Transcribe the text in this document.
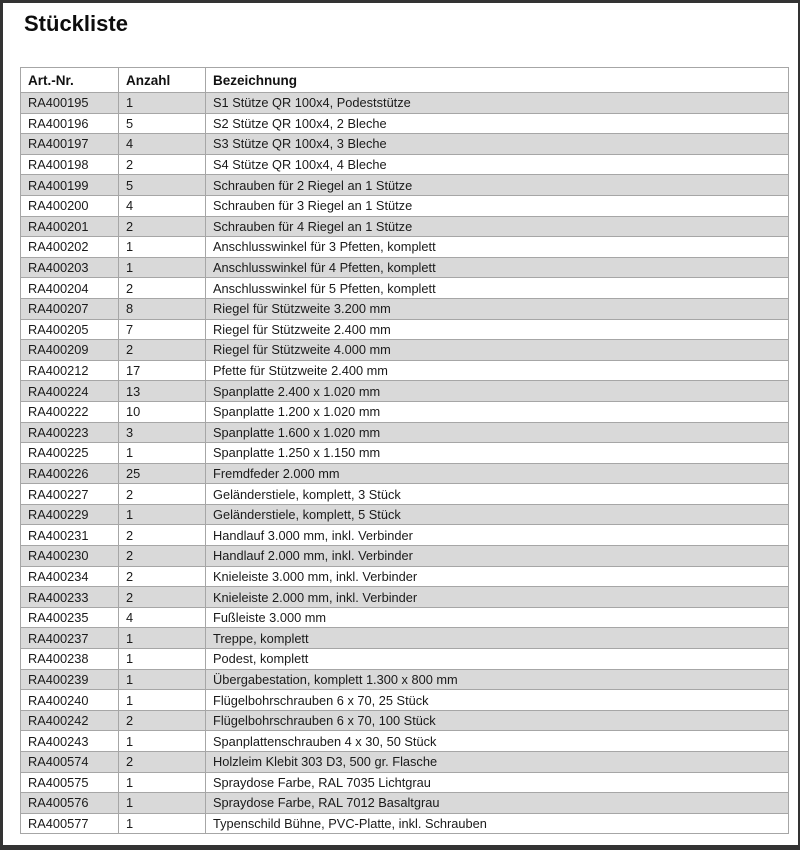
Stückliste
Art.-Nr.	Anzahl	Bezeichnung
RA400195	1	S1 Stütze QR 100x4, Podeststütze
RA400196	5	S2 Stütze QR 100x4, 2 Bleche
RA400197	4	S3 Stütze QR 100x4, 3 Bleche
RA400198	2	S4 Stütze QR 100x4, 4 Bleche
RA400199	5	Schrauben für 2 Riegel an 1 Stütze
RA400200	4	Schrauben für 3 Riegel an 1 Stütze
RA400201	2	Schrauben für 4 Riegel an 1 Stütze
RA400202	1	Anschlusswinkel für 3 Pfetten, komplett
RA400203	1	Anschlusswinkel für 4 Pfetten, komplett
RA400204	2	Anschlusswinkel für 5 Pfetten, komplett
RA400207	8	Riegel für Stützweite 3.200 mm
RA400205	7	Riegel für Stützweite 2.400 mm
RA400209	2	Riegel für Stützweite 4.000 mm
RA400212	17	Pfette für Stützweite 2.400 mm
RA400224	13	Spanplatte 2.400 x 1.020 mm
RA400222	10	Spanplatte 1.200 x 1.020 mm
RA400223	3	Spanplatte 1.600 x 1.020 mm
RA400225	1	Spanplatte 1.250 x 1.150 mm
RA400226	25	Fremdfeder 2.000 mm
RA400227	2	Geländerstiele, komplett, 3 Stück
RA400229	1	Geländerstiele, komplett, 5 Stück
RA400231	2	Handlauf 3.000 mm, inkl. Verbinder
RA400230	2	Handlauf 2.000 mm, inkl. Verbinder
RA400234	2	Knieleiste 3.000 mm, inkl. Verbinder
RA400233	2	Knieleiste 2.000 mm, inkl. Verbinder
RA400235	4	Fußleiste 3.000 mm
RA400237	1	Treppe, komplett
RA400238	1	Podest, komplett
RA400239	1	Übergabestation, komplett 1.300 x 800 mm
RA400240	1	Flügelbohrschrauben 6 x 70, 25 Stück
RA400242	2	Flügelbohrschrauben 6 x 70, 100 Stück
RA400243	1	Spanplattenschrauben 4 x 30, 50 Stück
RA400574	2	Holzleim Klebit 303 D3, 500 gr. Flasche
RA400575	1	Spraydose Farbe, RAL 7035 Lichtgrau
RA400576	1	Spraydose Farbe, RAL 7012 Basaltgrau
RA400577	1	Typenschild Bühne, PVC-Platte, inkl. Schrauben
